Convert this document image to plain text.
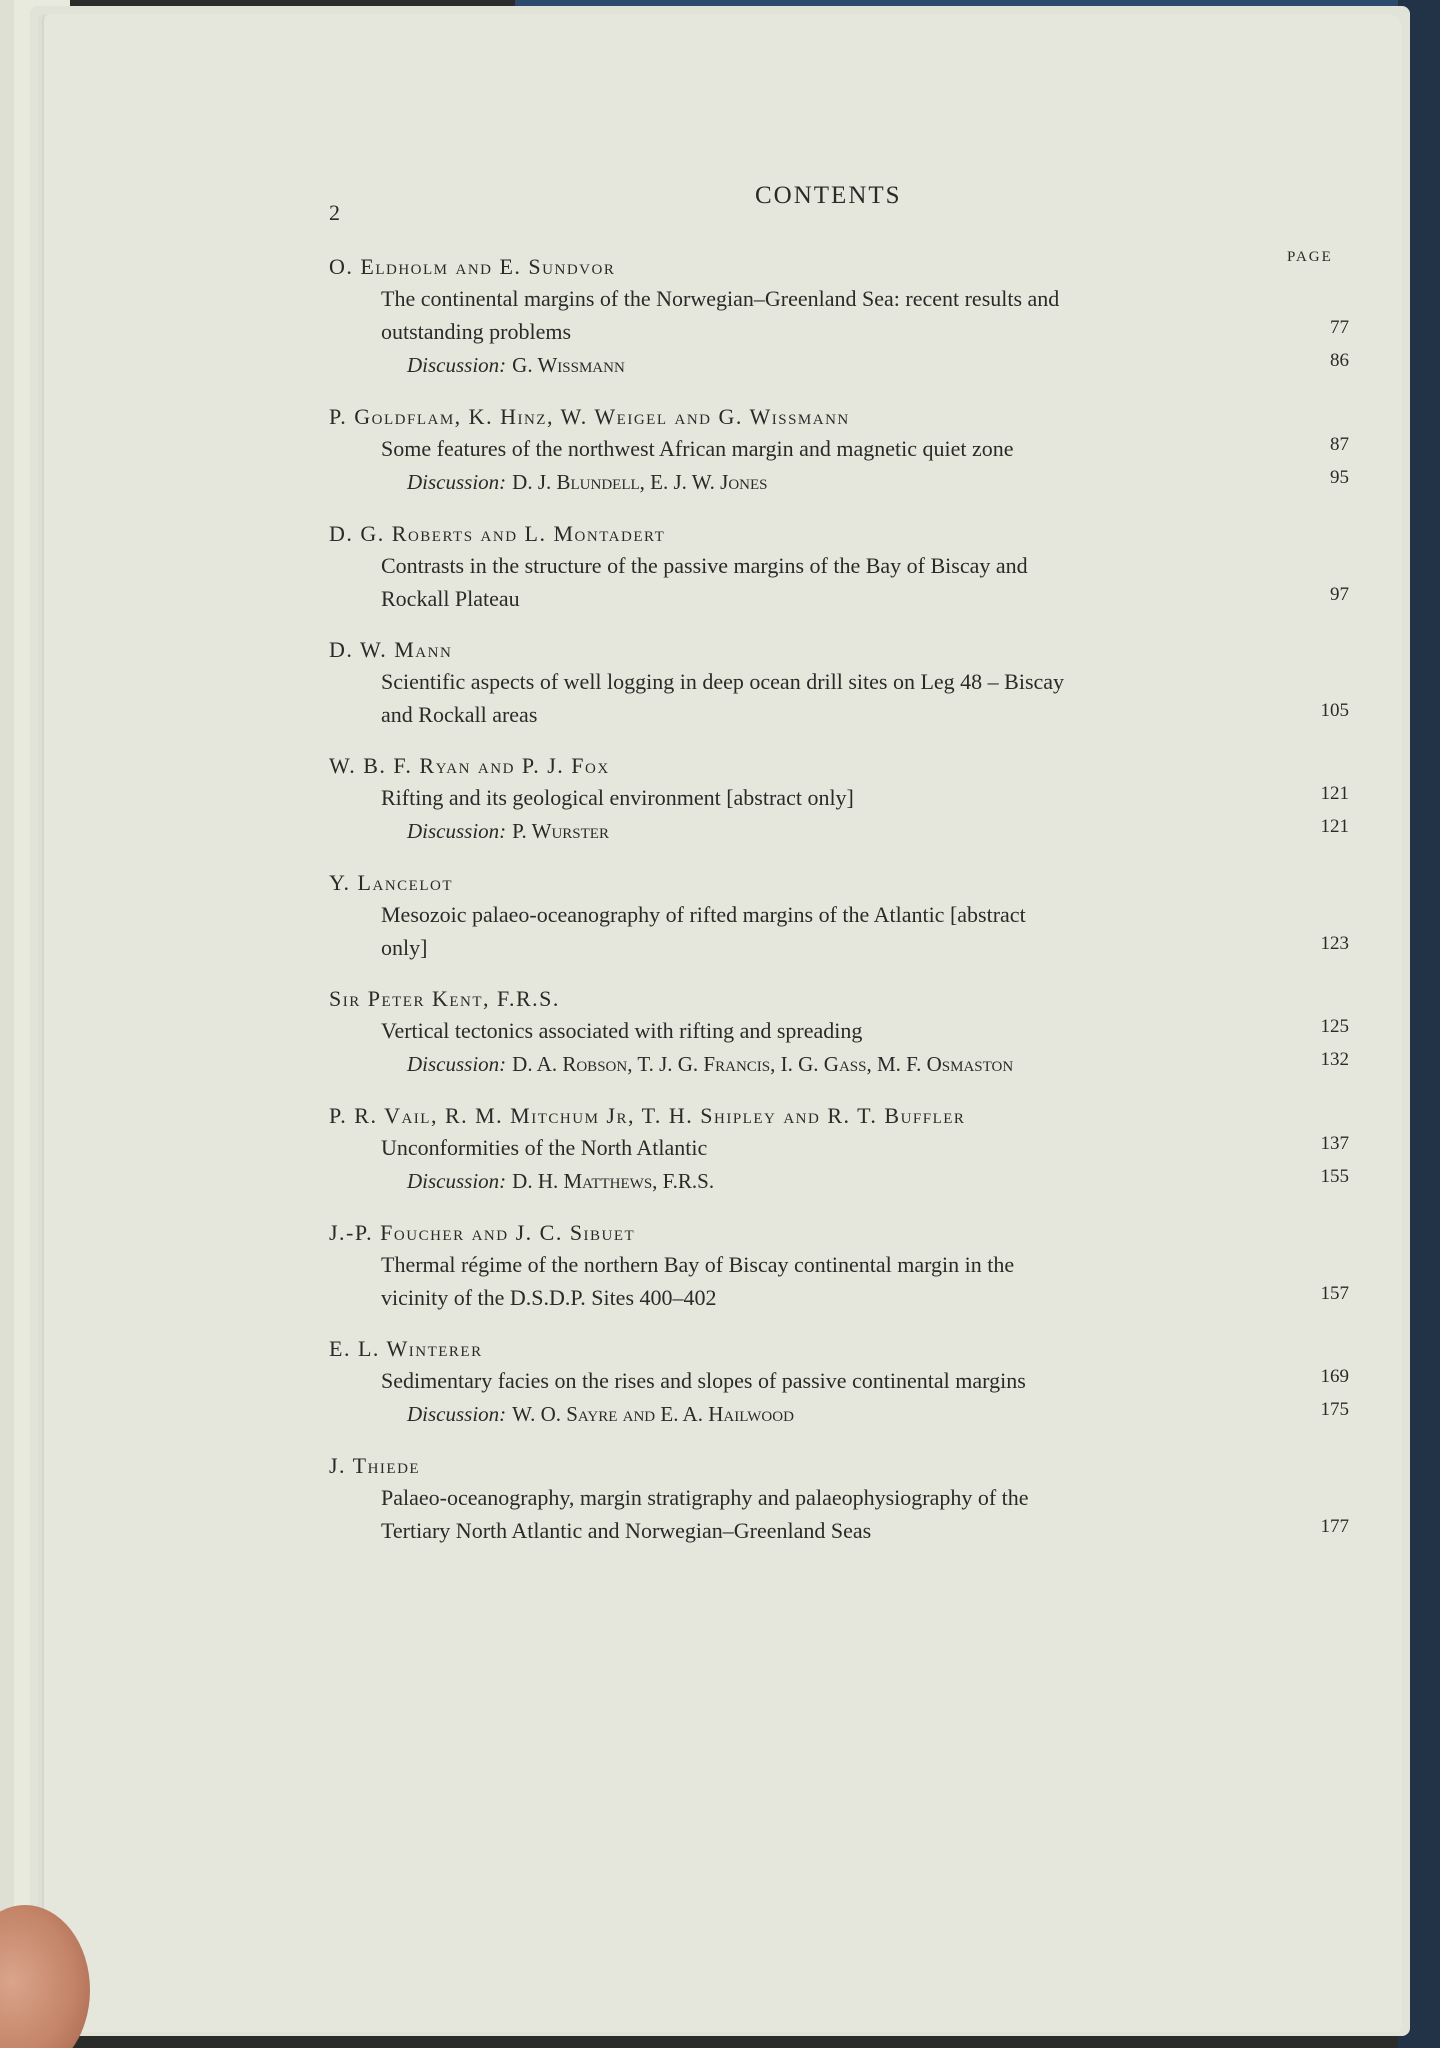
2
CONTENTS
PAGE
O. Eldholm and E. Sundvor
The continental margins of the Norwegian–Greenland Sea: recent results and
outstanding problems	77
Discussion: G. Wissmann	86
P. Goldflam, K. Hinz, W. Weigel and G. Wissmann
Some features of the northwest African margin and magnetic quiet zone	87
Discussion: D. J. Blundell, E. J. W. Jones	95
D. G. Roberts and L. Montadert
Contrasts in the structure of the passive margins of the Bay of Biscay and
Rockall Plateau	97
D. W. Mann
Scientific aspects of well logging in deep ocean drill sites on Leg 48 – Biscay
and Rockall areas	105
W. B. F. Ryan and P. J. Fox
Rifting and its geological environment [abstract only]	121
Discussion: P. Wurster	121
Y. Lancelot
Mesozoic palaeo-oceanography of rifted margins of the Atlantic [abstract
only]	123
Sir Peter Kent, F.R.S.
Vertical tectonics associated with rifting and spreading	125
Discussion: D. A. Robson, T. J. G. Francis, I. G. Gass, M. F. Osmaston	132
P. R. Vail, R. M. Mitchum Jr, T. H. Shipley and R. T. Buffler
Unconformities of the North Atlantic	137
Discussion: D. H. Matthews, F.R.S.	155
J.-P. Foucher and J. C. Sibuet
Thermal régime of the northern Bay of Biscay continental margin in the
vicinity of the D.S.D.P. Sites 400–402	157
E. L. Winterer
Sedimentary facies on the rises and slopes of passive continental margins	169
Discussion: W. O. Sayre and E. A. Hailwood	175
J. Thiede
Palaeo-oceanography, margin stratigraphy and palaeophysiography of the
Tertiary North Atlantic and Norwegian–Greenland Seas	177
